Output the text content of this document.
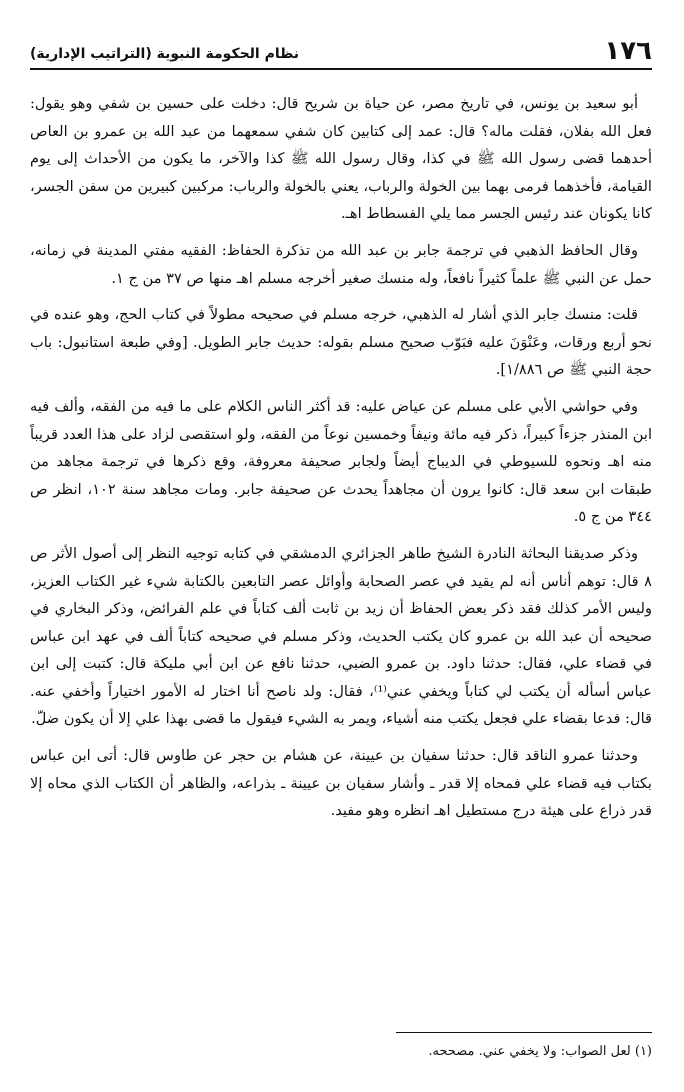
١٧٦
نظام الحكومة النبوية (التراتيب الإدارية)

أبو سعيد بن يونس، في تاريخ مصر، عن حياة بن شريح قال: دخلت على حسين بن شفي وهو يقول: فعل الله بفلان، فقلت ماله؟ قال: عمد إلى كتابين كان شفي سمعهما من عبد الله بن عمرو بن العاص أحدهما قضى رسول الله ﷺ في كذا، وقال رسول الله ﷺ كذا والآخر، ما يكون من الأحداث إلى يوم القيامة، فأخذهما فرمى بهما بين الخولة والرباب، يعني بالخولة والرباب: مركبين كبيرين من سفن الجسر، كانا يكونان عند رئيس الجسر مما يلي الفسطاط اهـ.

وقال الحافظ الذهبي في ترجمة جابر بن عبد الله من تذكرة الحفاظ: الفقيه مفتي المدينة في زمانه، حمل عن النبي ﷺ علماً كثيراً نافعاً، وله منسك صغير أخرجه مسلم اهـ منها ص ٣٧ من ج ١.

قلت: منسك جابر الذي أشار له الذهبي، خرجه مسلم في صحيحه مطولاً في كتاب الحج، وهو عنده في نحو أربع ورقات، وعَنْوَنَ عليه فبَوّب صحيح مسلم بقوله: حديث جابر الطويل. [وفي طبعة استانبول: باب حجة النبي ﷺ ص ١/٨٨٦].

وفي حواشي الأبي على مسلم عن عياض عليه: قد أكثر الناس الكلام على ما فيه من الفقه، وألف فيه ابن المنذر جزءاً كبيراً، ذكر فيه مائة ونيفاً وخمسين نوعاً من الفقه، ولو استقصى لزاد على هذا العدد قريباً منه اهـ ونحوه للسيوطي في الديباج أيضاً ولجابر صحيفة معروفة، وقع ذكرها في ترجمة مجاهد من طبقات ابن سعد قال: كانوا يرون أن مجاهداً يحدث عن صحيفة جابر. ومات مجاهد سنة ١٠٢، انظر ص ٣٤٤ من ج ٥.

وذكر صديقنا البحاثة النادرة الشيخ طاهر الجزائري الدمشقي في كتابه توجيه النظر إلى أصول الأثر ص ٨ قال: توهم أناس أنه لم يقيد في عصر الصحابة وأوائل عصر التابعين بالكتابة شيء غير الكتاب العزيز، وليس الأمر كذلك فقد ذكر بعض الحفاظ أن زيد بن ثابت ألف كتاباً في علم الفرائض، وذكر البخاري في صحيحه أن عبد الله بن عمرو كان يكتب الحديث، وذكر مسلم في صحيحه كتاباً ألف في عهد ابن عباس في قضاء علي، فقال: حدثنا داود. بن عمرو الضبي، حدثنا نافع عن ابن أبي مليكة قال: كتبت إلى ابن عباس أسأله أن يكتب لي كتاباً ويخفي عني⁽¹⁾، فقال: ولد ناصح أنا اختار له الأمور اختياراً وأخفي عنه. قال: فدعا بقضاء علي فجعل يكتب منه أشياء، ويمر به الشيء فيقول ما قضى بهذا علي إلا أن يكون ضلّ.

وحدثنا عمرو الناقد قال: حدثنا سفيان بن عيينة، عن هشام بن حجر عن طاوس قال: أتى ابن عباس بكتاب فيه قضاء علي فمحاه إلا قدر ـ وأشار سفيان بن عيينة ـ بذراعه، والظاهر أن الكتاب الذي محاه إلا قدر ذراع على هيئة درج مستطيل اهـ انظره وهو مفيد.

(١) لعل الصواب: ولا يخفي عني. مصححه.
